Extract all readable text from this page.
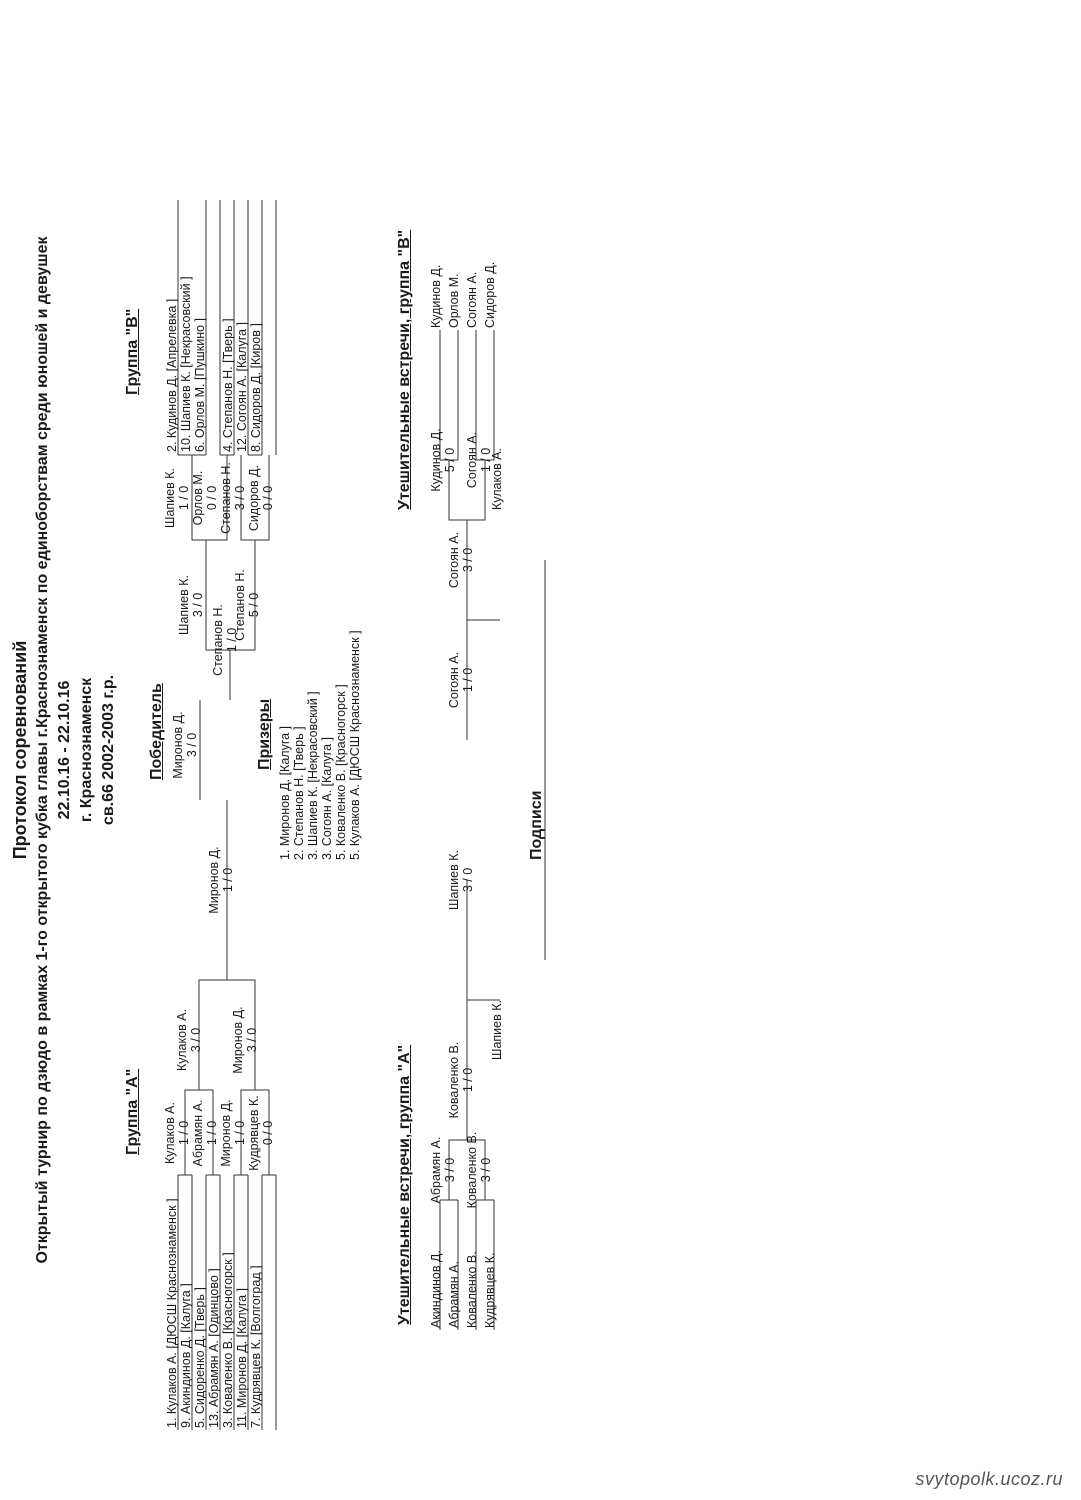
Протокол соревнований Открытый турнир по дзюдо в рамках 1-го открытого кубка главы г.Краснознаменск по единоборствам среди юношей и девушек 22.10.16 - 22.10.16 г. Краснознаменск св.66 2002-2003 г.р.
Группа "А"
Группа "В"
1. Кулаков А. [ДЮСШ Краснознаменск ] 9. Акиндинов Д. [Калуга ] 5. Сидоренко Д. [Тверь ] 13. Абрамян А. [Одинцово ] 3. Коваленко В. [Красногорск ] 11. Миронов Д. [Калуга ] 7. Кудрявцев К. [Волгоград ]
Кулаков А. 1 / 0 Абрамян А. 1 / 0 Миронов Д. 1 / 0 Кудрявцев К. 0 / 0
Кулаков А. 3 / 0 Миронов Д. 3 / 0
Миронов Д. 1 / 0
Победитель Миронов Д. 3 / 0	Призеры 1. Миронов Д. [Калуга ] 2. Степанов Н. [Тверь ] 3. Шапиев К. [Некрасовский ] 3. Согоян А. [Калуга ] 5. Коваленко В. [Красногорск ] 5. Кулаков А. [ДЮСШ Краснознаменск ]
Степанов Н. 1 / 0
Шапиев К. 3 / 0 Степанов Н. 5 / 0
Шапиев К. 1 / 0 Орлов М. 0 / 0 Степанов Н. 3 / 0 Сидоров Д. 0 / 0
2. Кудинов Д. [Апрелевка ] 10. Шапиев К. [Некрасовский ] 6. Орлов М. [Пушкино ] 4. Степанов Н. [Тверь ] 12. Согоян А. [Калуга ] 8. Сидоров Д. [Киров ]
Утешительные встречи, группа "А" Акиндинов Д. Абрамян А. Коваленко В. Кудрявцев К.
Абрамян А. 3 / 0 Коваленко В. 3 / 0
Коваленко В. 1 / 0
Шапиев К.
Шапиев К. 3 / 0
Утешительные встречи, группа "В" Кудинов Д. Орлов М. Согоян А. Сидоров Д.
Кудинов Д. 5 / 0 Согоян А. 1 / 0
Согоян А. 3 / 0
Кулаков А.
Согоян А. 1 / 0
Подписи
svytopolk.ucoz.ru
